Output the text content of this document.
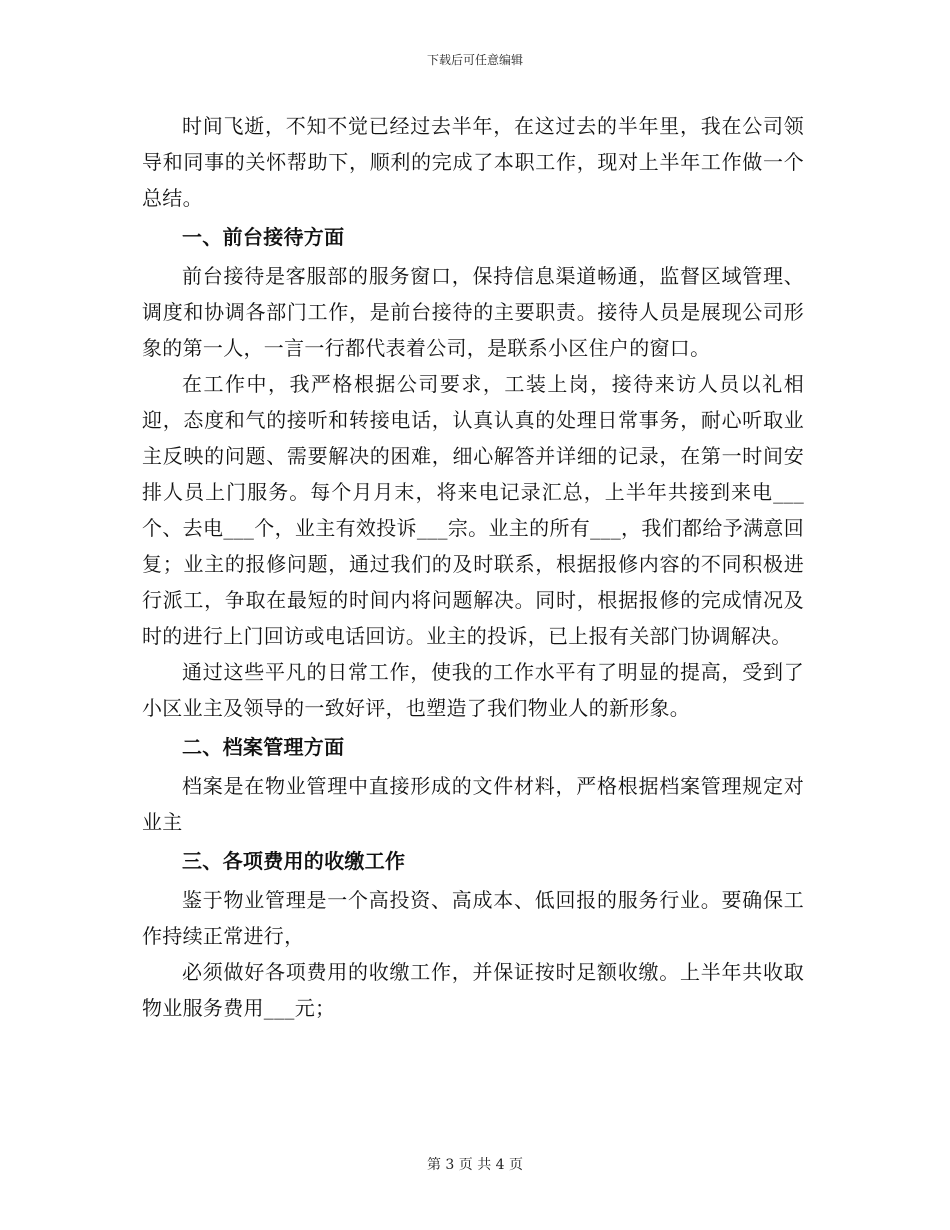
下载后可任意编辑

时间飞逝，不知不觉已经过去半年，在这过去的半年里，我在公司领导和同事的关怀帮助下，顺利的完成了本职工作，现对上半年工作做一个总结。

一、前台接待方面

前台接待是客服部的服务窗口，保持信息渠道畅通，监督区域管理、调度和协调各部门工作，是前台接待的主要职责。接待人员是展现公司形象的第一人，一言一行都代表着公司，是联系小区住户的窗口。

在工作中，我严格根据公司要求，工装上岗，接待来访人员以礼相迎，态度和气的接听和转接电话，认真认真的处理日常事务，耐心听取业主反映的问题、需要解决的困难，细心解答并详细的记录，在第一时间安排人员上门服务。每个月月末，将来电记录汇总，上半年共接到来电___个、去电___个，业主有效投诉___宗。业主的所有___，我们都给予满意回复；业主的报修问题，通过我们的及时联系，根据报修内容的不同积极进行派工，争取在最短的时间内将问题解决。同时，根据报修的完成情况及时的进行上门回访或电话回访。业主的投诉，已上报有关部门协调解决。

通过这些平凡的日常工作，使我的工作水平有了明显的提高，受到了小区业主及领导的一致好评，也塑造了我们物业人的新形象。

二、档案管理方面

档案是在物业管理中直接形成的文件材料，严格根据档案管理规定对业主

三、各项费用的收缴工作

鉴于物业管理是一个高投资、高成本、低回报的服务行业。要确保工作持续正常进行，

必须做好各项费用的收缴工作，并保证按时足额收缴。上半年共收取物业服务费用___元；

第 3 页 共 4 页
